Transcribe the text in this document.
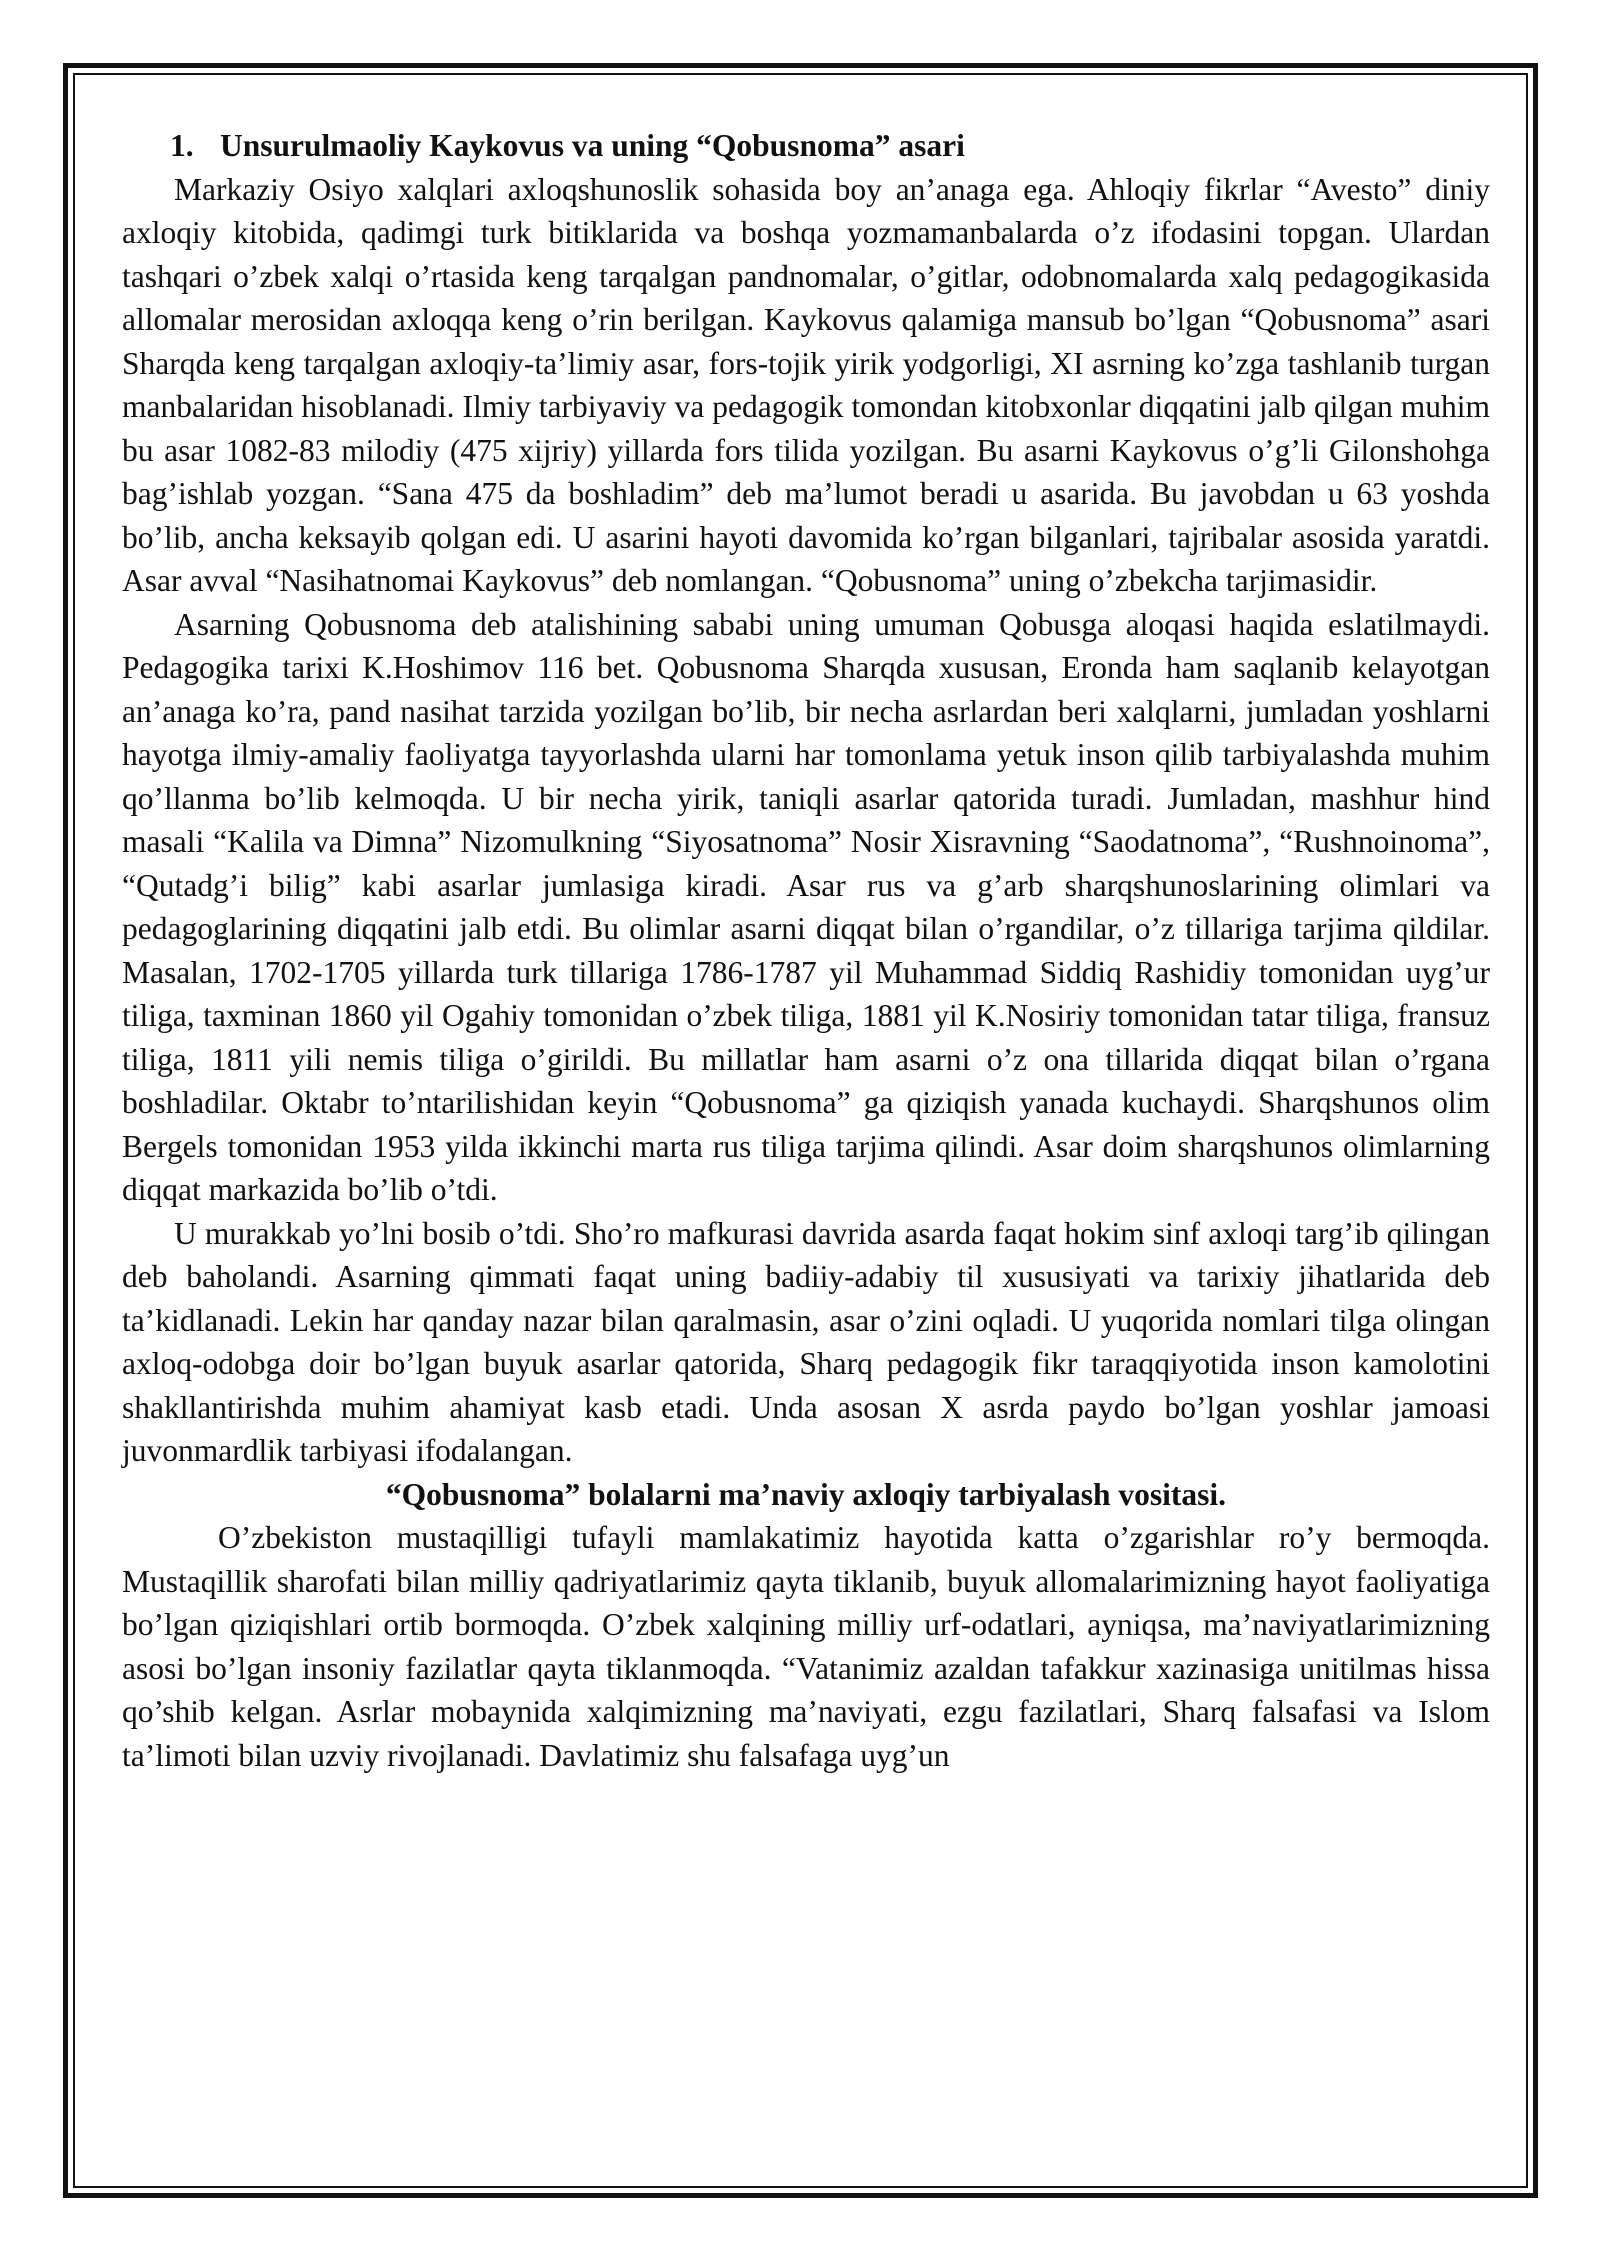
1. Unsurulmaoliy Kaykovus va uning “Qobusnoma” asari

Markaziy Osiyo xalqlari axloqshunoslik sohasida boy an’anaga ega. Ahloqiy fikrlar “Avesto” diniy axloqiy kitobida, qadimgi turk bitiklarida va boshqa yozmamanbalarda o’z ifodasini topgan. Ulardan tashqari o’zbek xalqi o’rtasida keng tarqalgan pandnomalar, o’gitlar, odobnomalarda xalq pedagogikasida allomalar merosidan axloqqa keng o’rin berilgan. Kaykovus qalamiga mansub bo’lgan “Qobusnoma” asari Sharqda keng tarqalgan axloqiy-ta’limiy asar, fors-tojik yirik yodgorligi, XI asrning ko’zga tashlanib turgan manbalaridan hisoblanadi. Ilmiy tarbiyaviy va pedagogik tomondan kitobxonlar diqqatini jalb qilgan muhim bu asar 1082-83 milodiy (475 xijriy) yillarda fors tilida yozilgan. Bu asarni Kaykovus o’g’li Gilonshohga bag’ishlab yozgan. “Sana 475 da boshladim” deb ma’lumot beradi u asarida. Bu javobdan u 63 yoshda bo’lib, ancha keksayib qolgan edi. U asarini hayoti davomida ko’rgan bilganlari, tajribalar asosida yaratdi. Asar avval “Nasihatnomai Kaykovus” deb nomlangan. “Qobusnoma” uning o’zbekcha tarjimasidir.

Asarning Qobusnoma deb atalishining sababi uning umuman Qobusga aloqasi haqida eslatilmaydi. Pedagogika tarixi K.Hoshimov 116 bet. Qobusnoma Sharqda xususan, Eronda ham saqlanib kelayotgan an’anaga ko’ra, pand nasihat tarzida yozilgan bo’lib, bir necha asrlardan beri xalqlarni, jumladan yoshlarni hayotga ilmiy-amaliy faoliyatga tayyorlashda ularni har tomonlama yetuk inson qilib tarbiyalashda muhim qo’llanma bo’lib kelmoqda. U bir necha yirik, taniqli asarlar qatorida turadi. Jumladan, mashhur hind masali “Kalila va Dimna” Nizomulkning “Siyosatnoma” Nosir Xisravning “Saodatnoma”, “Rushnoinoma”, “Qutadg’i bilig” kabi asarlar jumlasiga kiradi. Asar rus va g’arb sharqshunoslarining olimlari va pedagoglarining diqqatini jalb etdi. Bu olimlar asarni diqqat bilan o’rgandilar, o’z tillariga tarjima qildilar. Masalan, 1702-1705 yillarda turk tillariga 1786-1787 yil Muhammad Siddiq Rashidiy tomonidan uyg’ur tiliga, taxminan 1860 yil Ogahiy tomonidan o’zbek tiliga, 1881 yil K.Nosiriy tomonidan tatar tiliga, fransuz tiliga, 1811 yili nemis tiliga o’girildi. Bu millatlar ham asarni o’z ona tillarida diqqat bilan o’rgana boshladilar. Oktabr to’ntarilishidan keyin “Qobusnoma” ga qiziqish yanada kuchaydi. Sharqshunos olim Bergels tomonidan 1953 yilda ikkinchi marta rus tiliga tarjima qilindi. Asar doim sharqshunos olimlarning diqqat markazida bo’lib o’tdi.

U murakkab yo’lni bosib o’tdi. Sho’ro mafkurasi davrida asarda faqat hokim sinf axloqi targ’ib qilingan deb baholandi. Asarning qimmati faqat uning badiiy-adabiy til xususiyati va tarixiy jihatlarida deb ta’kidlanadi. Lekin har qanday nazar bilan qaralmasin, asar o’zini oqladi. U yuqorida nomlari tilga olingan axloq-odobga doir bo’lgan buyuk asarlar qatorida, Sharq pedagogik fikr taraqqiyotida inson kamolotini shakllantirishda muhim ahamiyat kasb etadi. Unda asosan X asrda paydo bo’lgan yoshlar jamoasi juvonmardlik tarbiyasi ifodalangan.

“Qobusnoma” bolalarni ma’naviy axloqiy tarbiyalash vositasi.

O’zbekiston mustaqilligi tufayli mamlakatimiz hayotida katta o’zgarishlar ro’y bermoqda. Mustaqillik sharofati bilan milliy qadriyatlarimiz qayta tiklanib, buyuk allomalarimizning hayot faoliyatiga bo’lgan qiziqishlari ortib bormoqda. O’zbek xalqining milliy urf-odatlari, ayniqsa, ma’naviyatlarimizning asosi bo’lgan insoniy fazilatlar qayta tiklanmoqda. “Vatanimiz azaldan tafakkur xazinasiga unitilmas hissa qo’shib kelgan. Asrlar mobaynida xalqimizning ma’naviyati, ezgu fazilatlari, Sharq falsafasi va Islom ta’limoti bilan uzviy rivojlanadi. Davlatimiz shu falsafaga uyg’un
